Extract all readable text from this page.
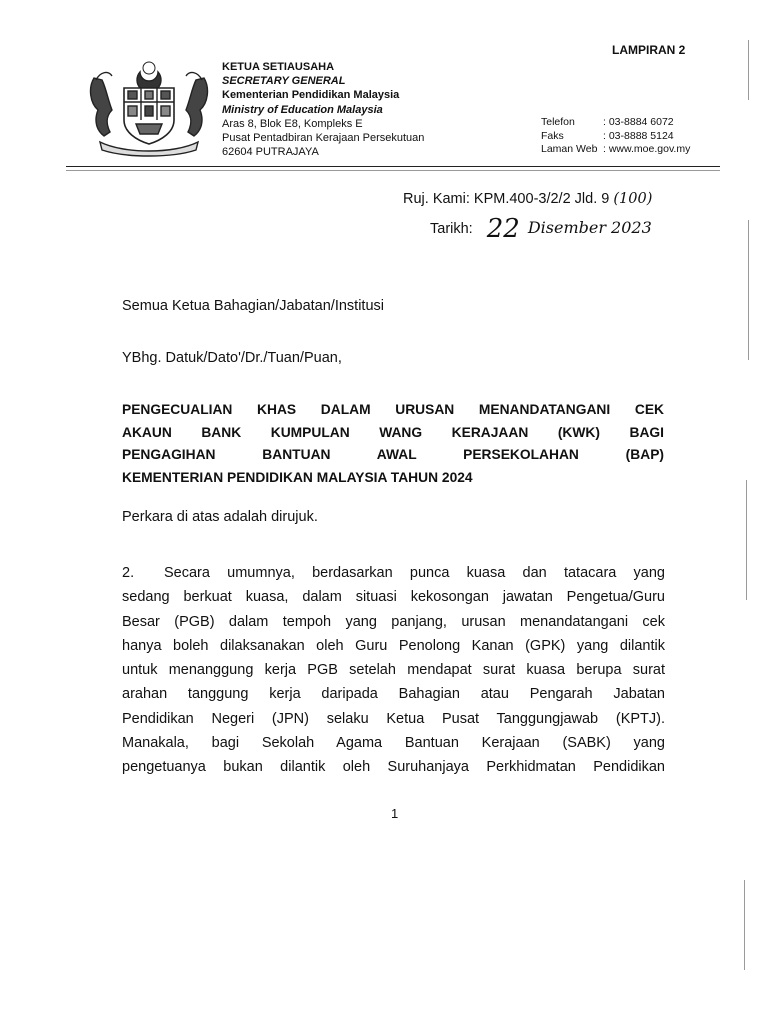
LAMPIRAN 2
KETUA SETIAUSAHA
SECRETARY GENERAL
Kementerian Pendidikan Malaysia
Ministry of Education Malaysia
Aras 8, Blok E8, Kompleks E
Pusat Pentadbiran Kerajaan Persekutuan
62604 PUTRAJAYA
Telefon	: 03-8884 6072
Faks	: 03-8888 5124
Laman Web : www.moe.gov.my
Ruj. Kami: KPM.400-3/2/2 Jld. 9 (100)
Tarikh: 22 Disember 2023
Semua Ketua Bahagian/Jabatan/Institusi
YBhg. Datuk/Dato'/Dr./Tuan/Puan,
PENGECUALIAN KHAS DALAM URUSAN MENANDATANGANI CEK
AKAUN BANK KUMPULAN WANG KERAJAAN (KWK) BAGI
PENGAGIHAN BANTUAN AWAL PERSEKOLAHAN (BAP)
KEMENTERIAN PENDIDIKAN MALAYSIA TAHUN 2024
Perkara di atas adalah dirujuk.
2. Secara umumnya, berdasarkan punca kuasa dan tatacara yang
sedang berkuat kuasa, dalam situasi kekosongan jawatan Pengetua/Guru
Besar (PGB) dalam tempoh yang panjang, urusan menandatangani cek
hanya boleh dilaksanakan oleh Guru Penolong Kanan (GPK) yang dilantik
untuk menanggung kerja PGB setelah mendapat surat kuasa berupa surat
arahan tanggung kerja daripada Bahagian atau Pengarah Jabatan
Pendidikan Negeri (JPN) selaku Ketua Pusat Tanggungjawab (KPTJ).
Manakala, bagi Sekolah Agama Bantuan Kerajaan (SABK) yang
pengetuanya bukan dilantik oleh Suruhanjaya Perkhidmatan Pendidikan
1
